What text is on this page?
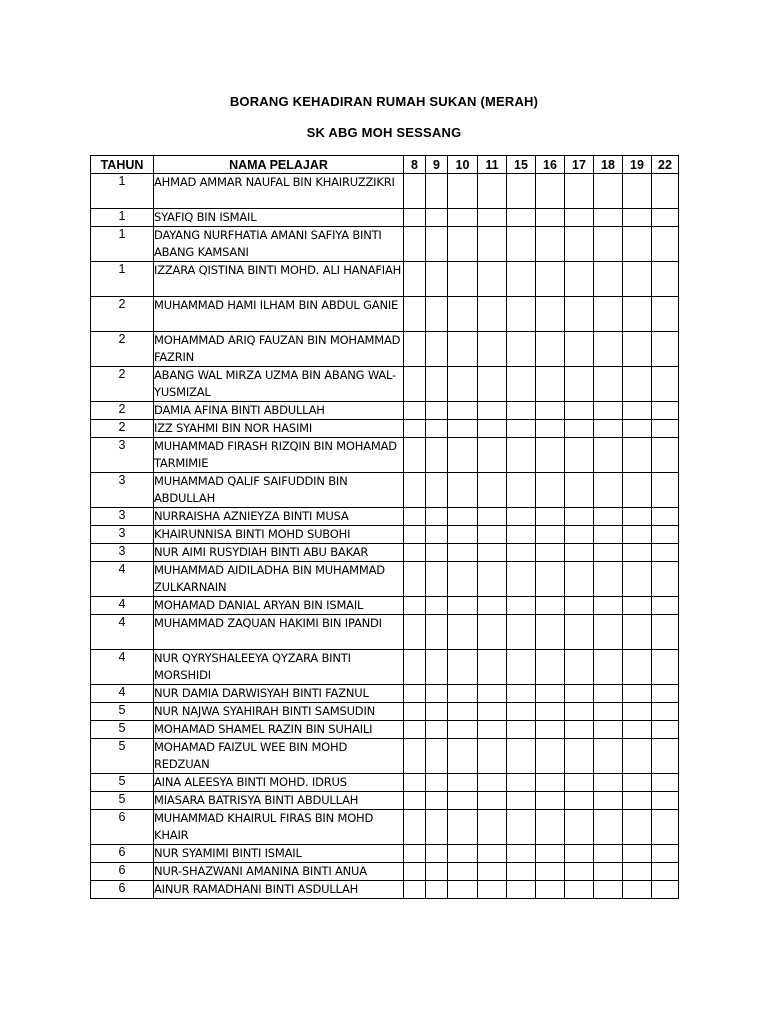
BORANG KEHADIRAN RUMAH SUKAN (MERAH)
SK ABG MOH SESSANG
TAHUN	NAMA PELAJAR	8	9	10	11	15	16	17	18	19	22
1	AHMAD AMMAR NAUFAL BIN KHAIRUZZIKRI										
1	SYAFIQ BIN ISMAIL										
1	DAYANG NURFHATIA AMANI SAFIYA BINTI ABANG KAMSANI										
1	IZZARA QISTINA BINTI MOHD. ALI HANAFIAH										
2	MUHAMMAD HAMI ILHAM BIN ABDUL GANIE										
2	MOHAMMAD ARIQ FAUZAN BIN MOHAMMAD FAZRIN										
2	ABANG WAL MIRZA UZMA BIN ABANG WAL-YUSMIZAL										
2	DAMIA AFINA BINTI ABDULLAH										
2	IZZ SYAHMI BIN NOR HASIMI										
3	MUHAMMAD FIRASH RIZQIN BIN MOHAMAD TARMIMIE										
3	MUHAMMAD QALIF SAIFUDDIN BIN ABDULLAH										
3	NURRAISHA AZNIEYZA BINTI MUSA										
3	KHAIRUNNISA BINTI MOHD SUBOHI										
3	NUR AIMI RUSYDIAH BINTI ABU BAKAR										
4	MUHAMMAD AIDILADHA BIN MUHAMMAD ZULKARNAIN										
4	MOHAMAD DANIAL ARYAN BIN ISMAIL										
4	MUHAMMAD ZAQUAN HAKIMI BIN IPANDI										
4	NUR QYRYSHALEEYA QYZARA BINTI MORSHIDI										
4	NUR DAMIA DARWISYAH BINTI FAZNUL										
5	NUR NAJWA SYAHIRAH BINTI SAMSUDIN										
5	MOHAMAD SHAMEL RAZIN BIN SUHAILI										
5	MOHAMAD FAIZUL WEE BIN MOHD REDZUAN										
5	AINA ALEESYA BINTI MOHD. IDRUS										
5	MIASARA BATRISYA BINTI ABDULLAH										
6	MUHAMMAD KHAIRUL FIRAS BIN MOHD KHAIR										
6	NUR SYAMIMI BINTI ISMAIL										
6	NUR-SHAZWANI AMANINA BINTI ANUA										
6	AINUR RAMADHANI BINTI ASDULLAH										
